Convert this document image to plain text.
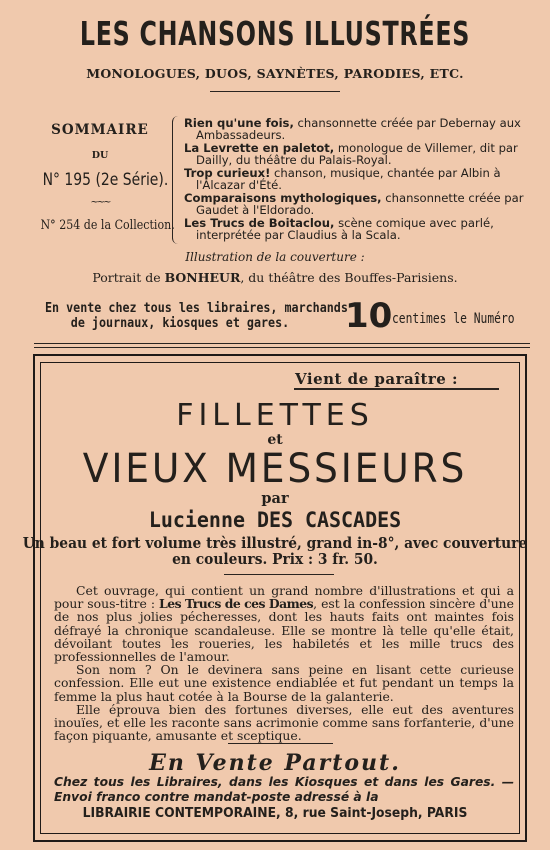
LES CHANSONS ILLUSTRÉES
MONOLOGUES, DUOS, SAYNÈTES, PARODIES, ETC.
SOMMAIRE
DU
N° 195 (2e Série).
~~~
N° 254 de la Collection.
Rien qu'une fois, chansonnette créée par Debernay aux
Ambassadeurs.
La Levrette en paletot, monologue de Villemer, dit par
Dailly, du théâtre du Palais-Royal.
Trop curieux! chanson, musique, chantée par Albin à
l'Alcazar d'Été.
Comparaisons mythologiques, chansonnette créée par
Gaudet à l'Eldorado.
Les Trucs de Boitaclou, scène comique avec parlé,
interprétée par Claudius à la Scala.
Illustration de la couverture :
Portrait de BONHEUR, du théâtre des Bouffes-Parisiens.
En vente chez tous les libraires, marchands
de journaux, kiosques et gares.	10 centimes le Numéro
Vient de paraître :
FILLETTES
et
VIEUX MESSIEURS
par
Lucienne DES CASCADES
Un beau et fort volume très illustré, grand in-8°, avec couverture
en couleurs. Prix : 3 fr. 50.

Cet ouvrage, qui contient un grand nombre d'illustrations et qui a pour sous-titre : Les Trucs de ces Dames, est la confession sincère d'une de nos plus jolies pécheresses, dont les hauts faits ont maintes fois défrayé la chronique scandaleuse. Elle se montre là telle qu'elle était, dévoilant toutes les roueries, les habiletés et les mille trucs des professionnelles de l'amour.

Son nom ? On le devinera sans peine en lisant cette curieuse confession. Elle eut une existence endiablée et fut pendant un temps la femme la plus haut cotée à la Bourse de la galanterie.

Elle éprouva bien des fortunes diverses, elle eut des aventures inouïes, et elle les raconte sans acrimonie comme sans forfanterie, d'une façon piquante, amusante et sceptique.

En Vente Partout.
Chez tous les Libraires, dans les Kiosques et dans les Gares. —Envoi franco contre mandat-poste adressé à la
LIBRAIRIE CONTEMPORAINE, 8, rue Saint-Joseph, PARIS
